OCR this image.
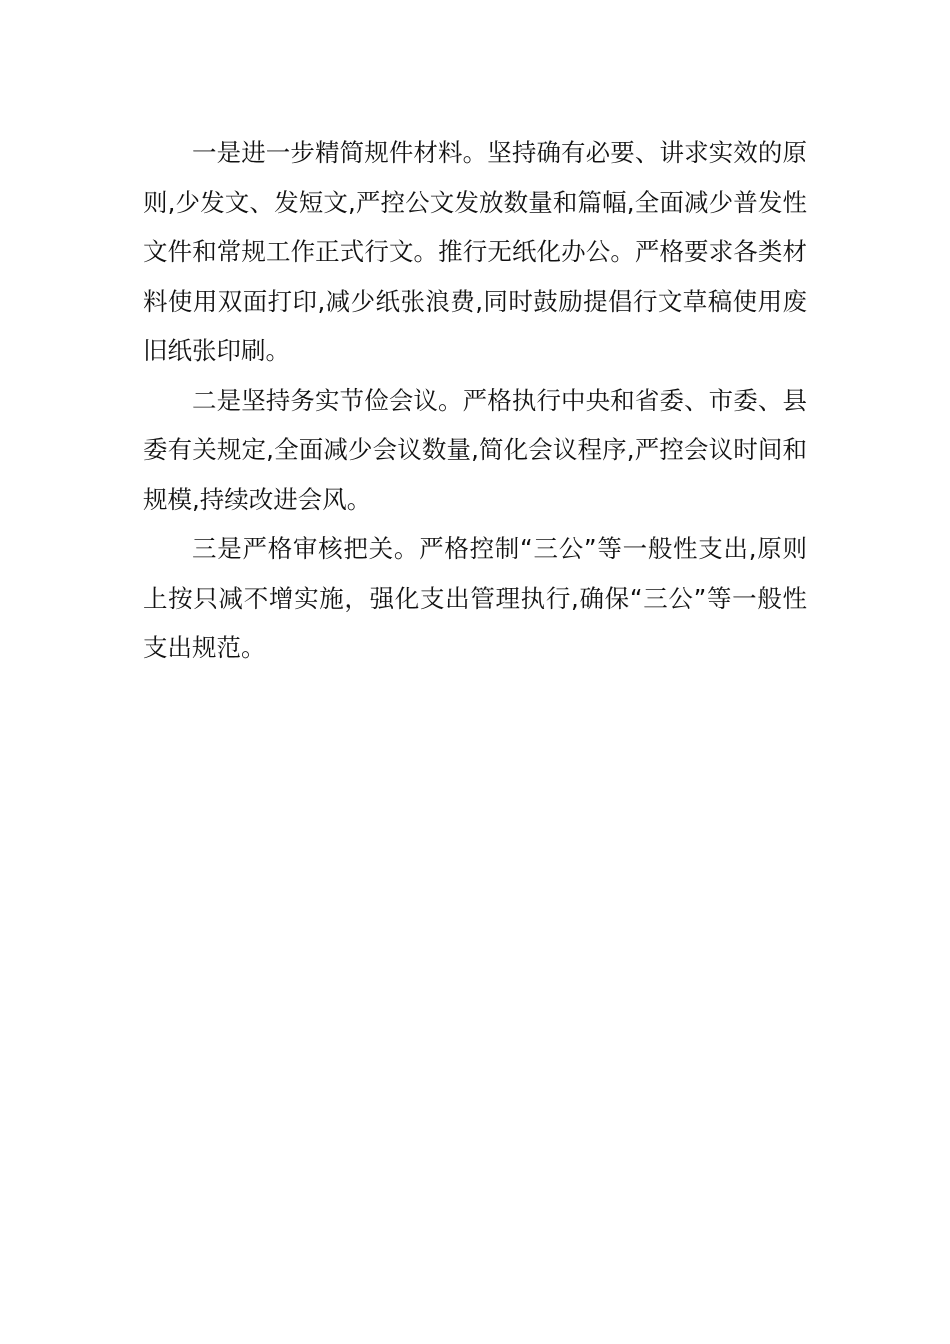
一是进一步精简规件材料。坚持确有必要、讲求实效的原则,少发文、发短文,严控公文发放数量和篇幅,全面减少普发性文件和常规工作正式行文。推行无纸化办公。严格要求各类材料使用双面打印,减少纸张浪费,同时鼓励提倡行文草稿使用废旧纸张印刷。

二是坚持务实节俭会议。严格执行中央和省委、市委、县委有关规定,全面减少会议数量,简化会议程序,严控会议时间和规模,持续改进会风。

三是严格审核把关。严格控制“三公”等一般性支出,原则上按只减不增实施，强化支出管理执行,确保“三公”等一般性支出规范。
